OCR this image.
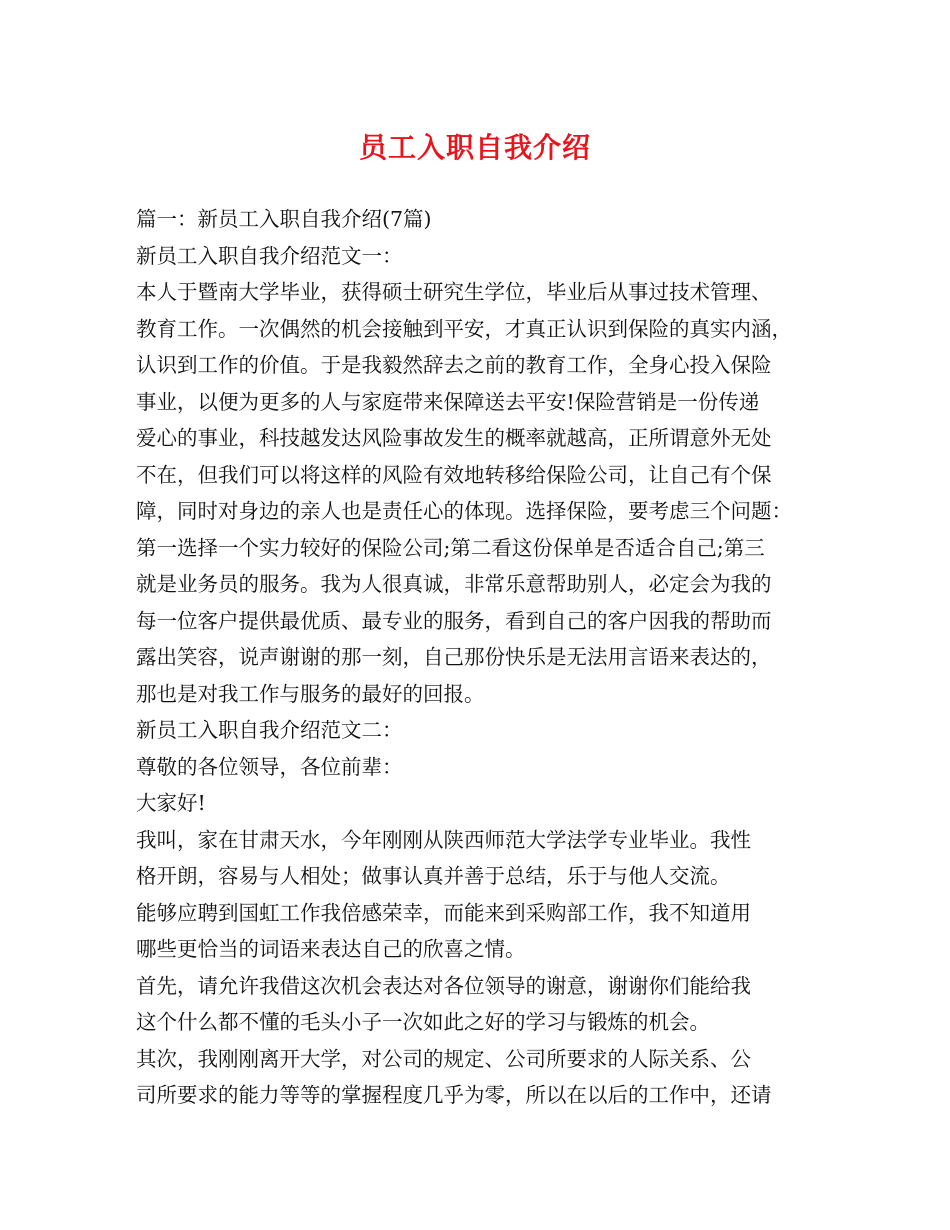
员工入职自我介绍
篇一：新员工入职自我介绍(7篇)
新员工入职自我介绍范文一：
本人于暨南大学毕业，获得硕士研究生学位，毕业后从事过技术管理、
教育工作。一次偶然的机会接触到平安，才真正认识到保险的真实内涵，
认识到工作的价值。于是我毅然辞去之前的教育工作，全身心投入保险
事业，以便为更多的人与家庭带来保障送去平安!保险营销是一份传递
爱心的事业，科技越发达风险事故发生的概率就越高，正所谓意外无处
不在，但我们可以将这样的风险有效地转移给保险公司，让自己有个保
障，同时对身边的亲人也是责任心的体现。选择保险，要考虑三个问题：
第一选择一个实力较好的保险公司;第二看这份保单是否适合自己;第三
就是业务员的服务。我为人很真诚，非常乐意帮助别人，必定会为我的
每一位客户提供最优质、最专业的服务，看到自己的客户因我的帮助而
露出笑容，说声谢谢的那一刻，自己那份快乐是无法用言语来表达的，
那也是对我工作与服务的最好的回报。
新员工入职自我介绍范文二：
尊敬的各位领导，各位前辈：
大家好!
我叫，家在甘肃天水，今年刚刚从陕西师范大学法学专业毕业。我性
格开朗，容易与人相处；做事认真并善于总结，乐于与他人交流。
能够应聘到国虹工作我倍感荣幸，而能来到采购部工作，我不知道用
哪些更恰当的词语来表达自己的欣喜之情。
首先，请允许我借这次机会表达对各位领导的谢意，谢谢你们能给我
这个什么都不懂的毛头小子一次如此之好的学习与锻炼的机会。
其次，我刚刚离开大学，对公司的规定、公司所要求的人际关系、公
司所要求的能力等等的掌握程度几乎为零，所以在以后的工作中，还请
